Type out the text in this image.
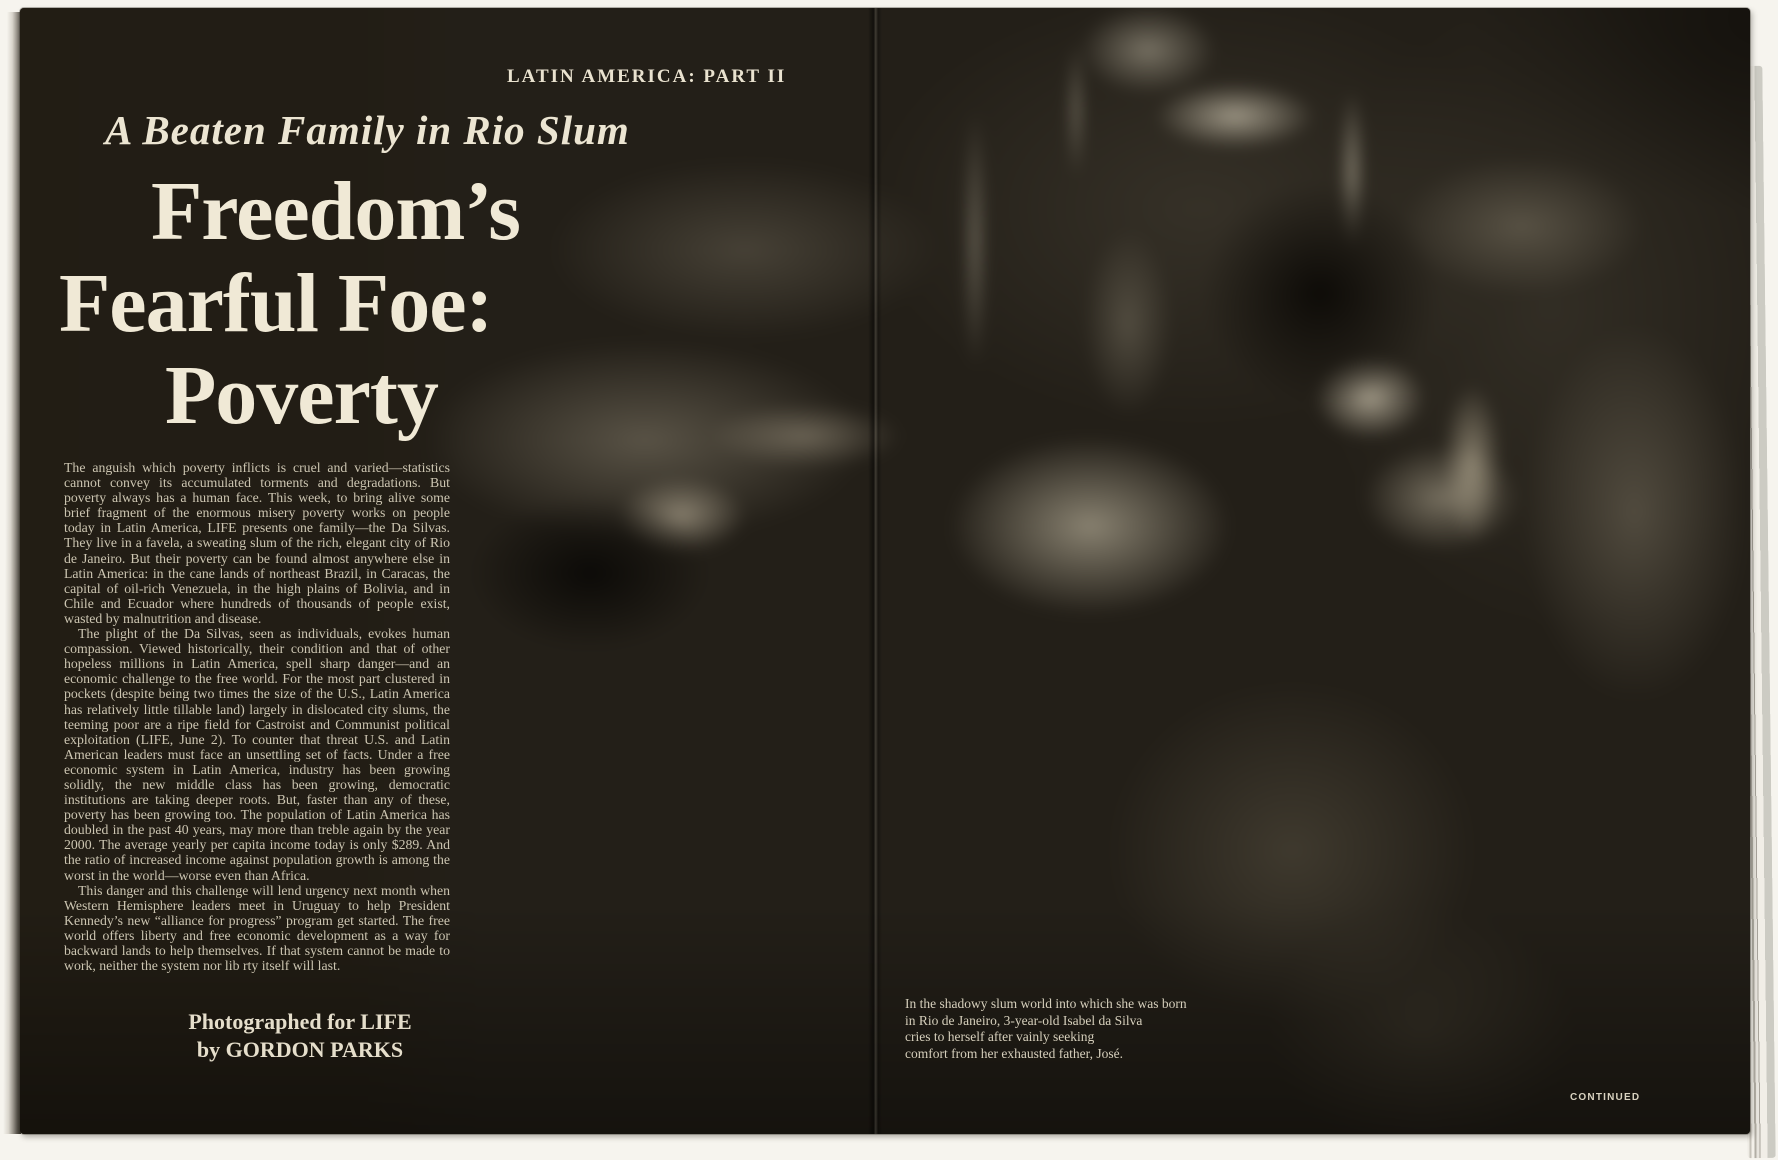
LATIN AMERICA: PART II
A Beaten Family in Rio Slum
Freedom’s
Fearful Foe:
Poverty

The anguish which poverty inflicts is cruel and varied—statistics cannot convey its accumulated torments and degradations. But poverty always has a human face. This week, to bring alive some brief fragment of the enormous misery poverty works on people today in Latin America, LIFE presents one family—the Da Silvas. They live in a favela, a sweating slum of the rich, elegant city of Rio de Janeiro. But their poverty can be found almost anywhere else in Latin America: in the cane lands of northeast Brazil, in Caracas, the capital of oil-rich Venezuela, in the high plains of Bolivia, and in Chile and Ecuador where hundreds of thousands of people exist, wasted by malnutrition and disease.

The plight of the Da Silvas, seen as individuals, evokes human compassion. Viewed historically, their condition and that of other hopeless millions in Latin America, spell sharp danger—and an economic challenge to the free world. For the most part clustered in pockets (despite being two times the size of the U.S., Latin America has relatively little tillable land) largely in dislocated city slums, the teeming poor are a ripe field for Castroist and Communist political exploitation (LIFE, June 2). To counter that threat U.S. and Latin American leaders must face an unsettling set of facts. Under a free economic system in Latin America, industry has been growing solidly, the new middle class has been growing, democratic institutions are taking deeper roots. But, faster than any of these, poverty has been growing too. The population of Latin America has doubled in the past 40 years, may more than treble again by the year 2000. The average yearly per capita income today is only $289. And the ratio of increased income against population growth is among the worst in the world—worse even than Africa.

This danger and this challenge will lend urgency next month when Western Hemisphere leaders meet in Uruguay to help President Kennedy’s new “alliance for progress” program get started. The free world offers liberty and free economic development as a way for backward lands to help themselves. If that system cannot be made to work, neither the system nor lib rty itself will last.

Photographed for LIFE
by GORDON PARKS
In the shadowy slum world into which she was born
in Rio de Janeiro, 3-year-old Isabel da Silva
cries to herself after vainly seeking
comfort from her exhausted father, José.
CONTINUED
